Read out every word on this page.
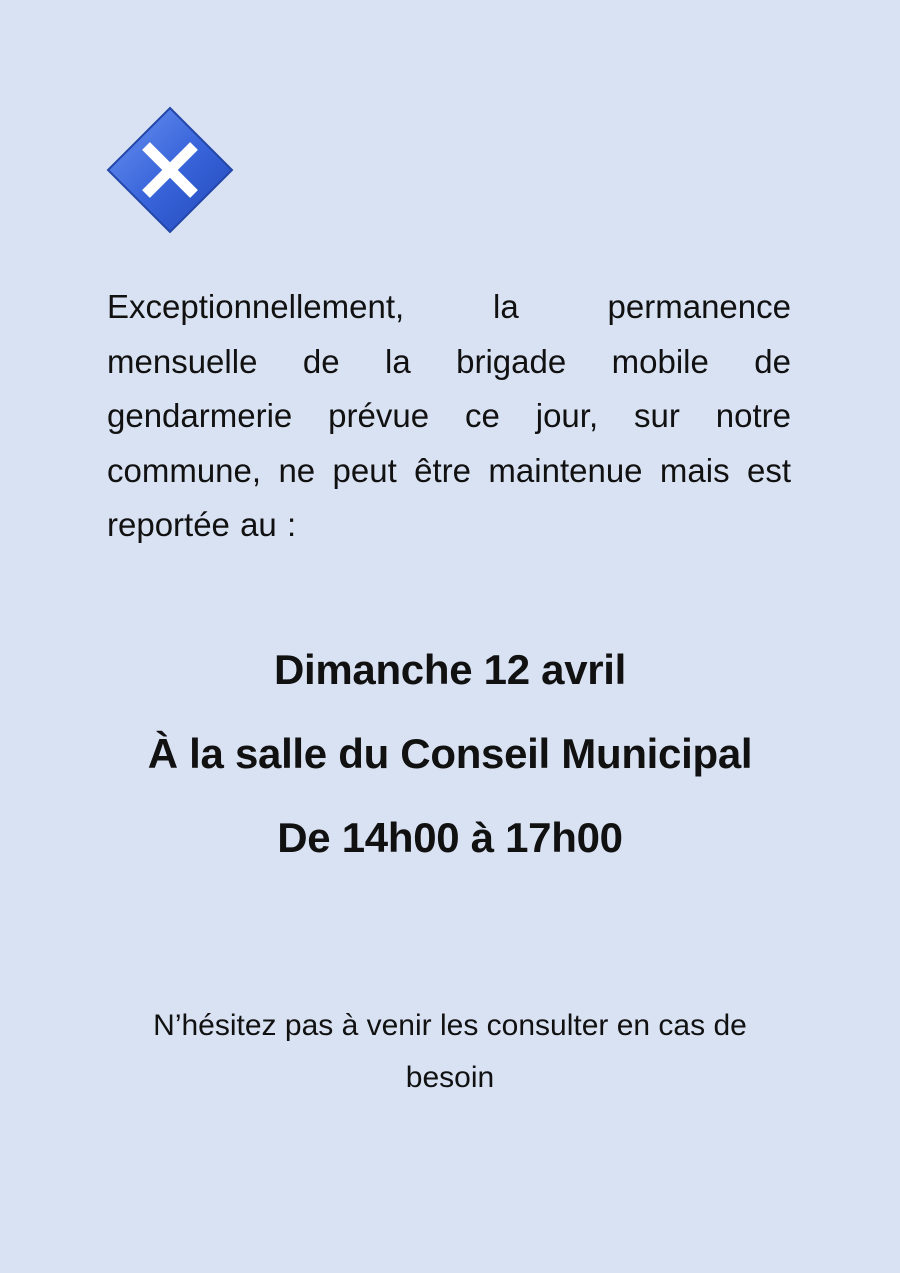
Exceptionnellement, la permanence mensuelle de la brigade mobile de gendarmerie prévue ce jour, sur notre commune, ne peut être maintenue mais est reportée au :

Dimanche 12 avril
À la salle du Conseil Municipal
De 14h00 à 17h00

N’hésitez pas à venir les consulter en cas de besoin
